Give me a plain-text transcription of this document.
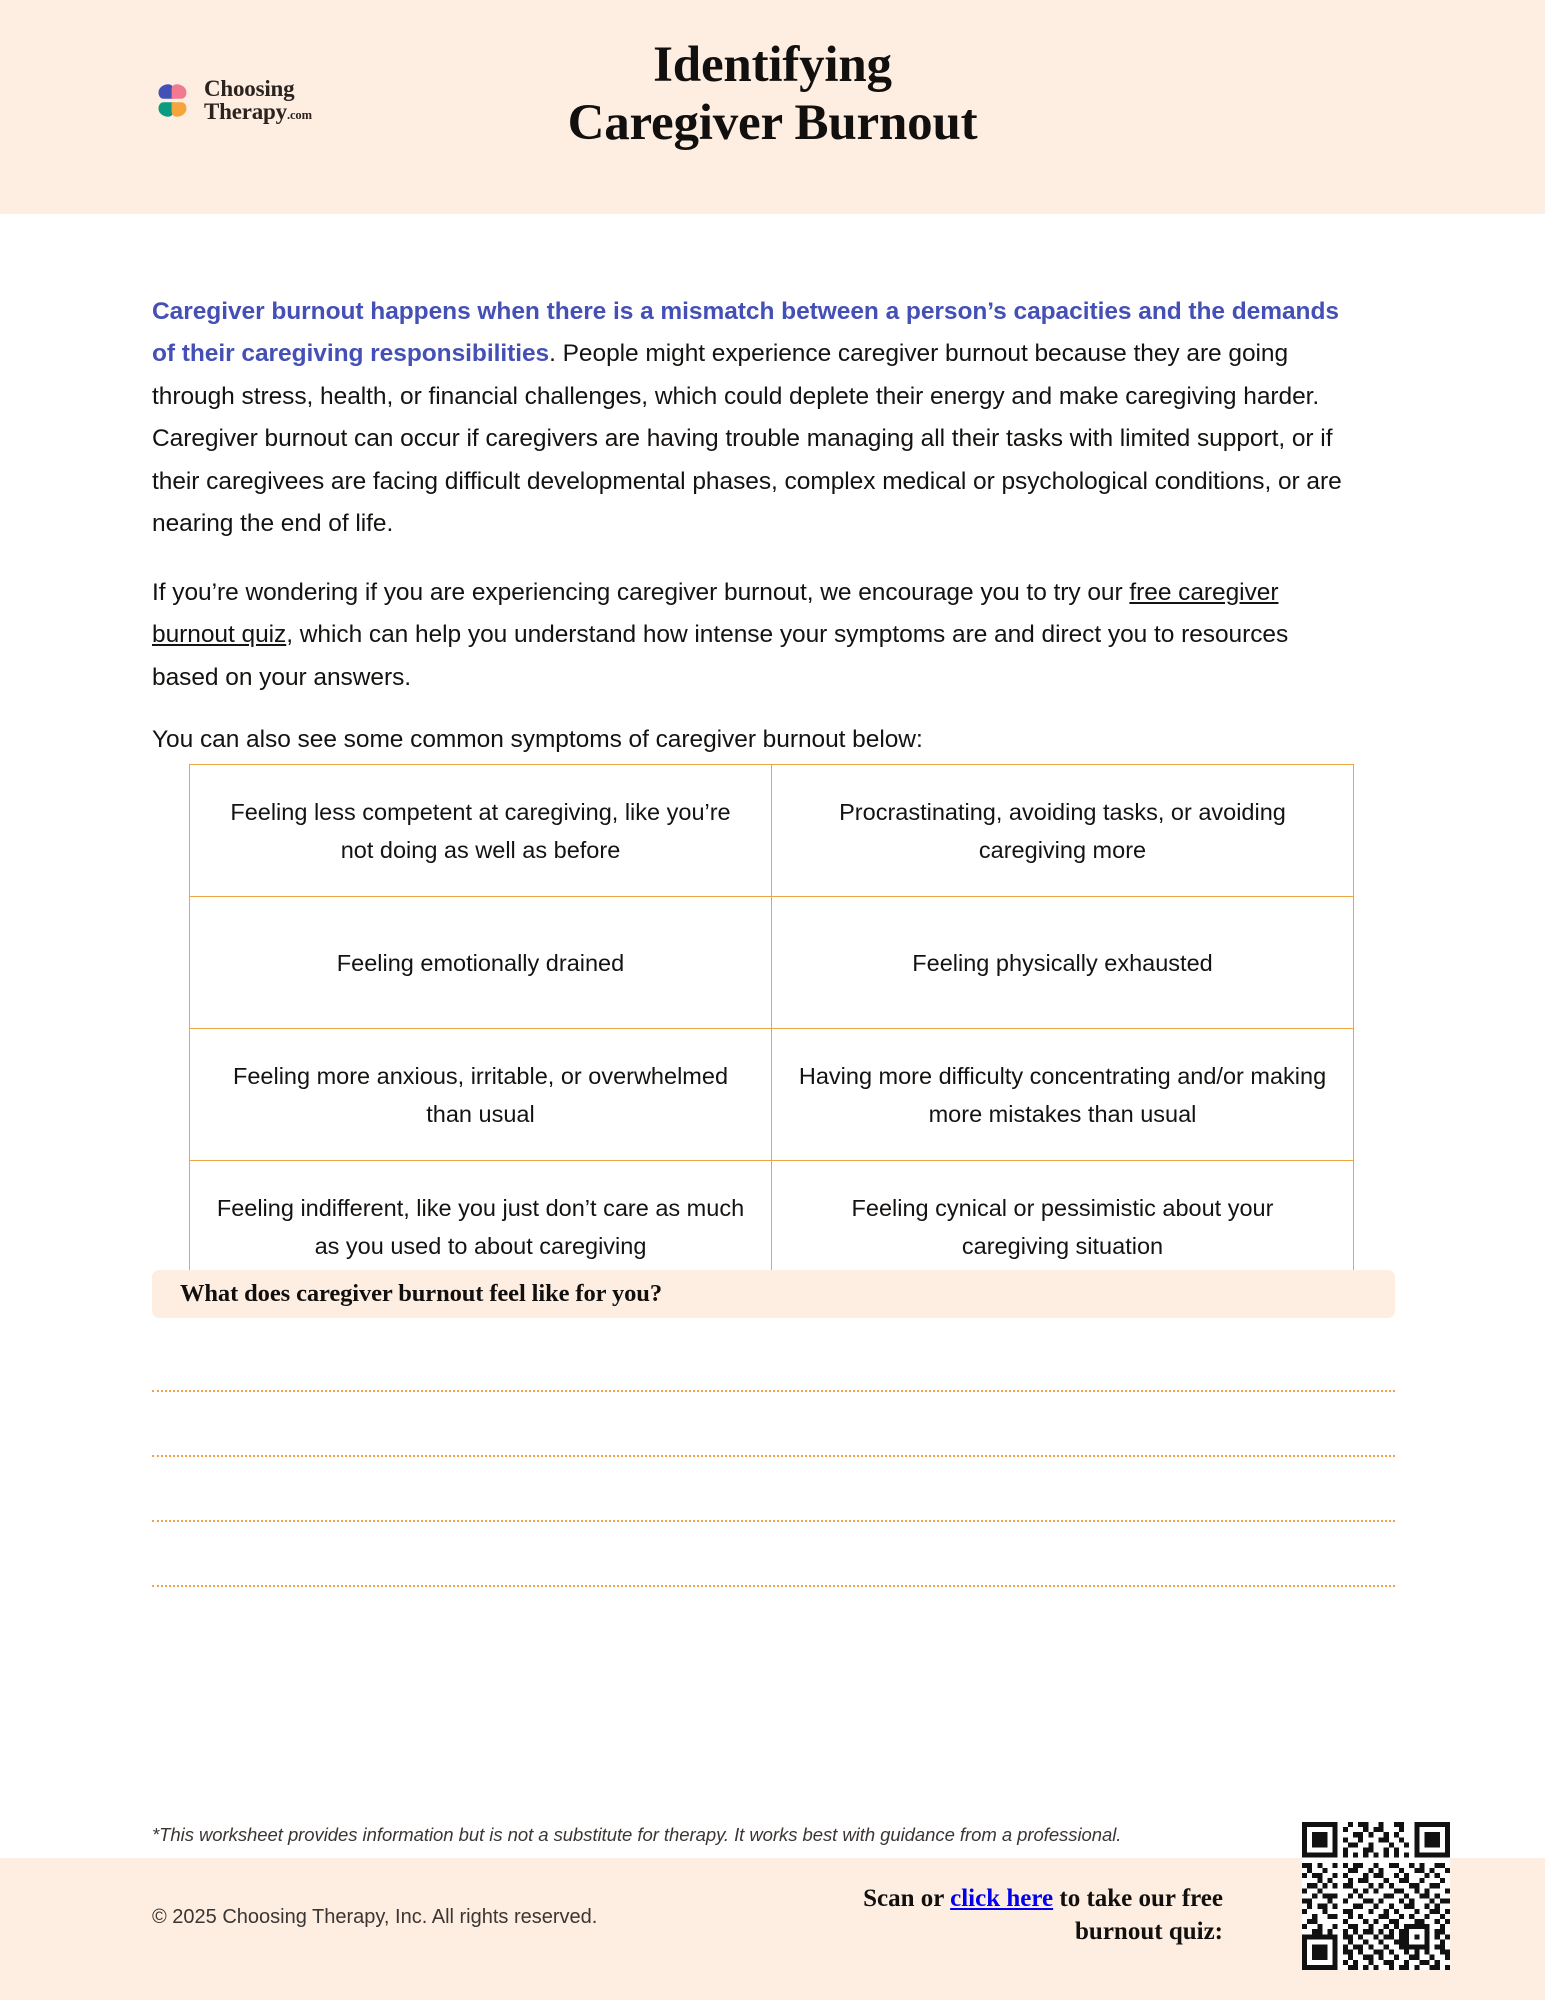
Choosing
Therapy .com
Identifying
Caregiver Burnout

Caregiver burnout happens when there is a mismatch between a person’s capacities and the demands of their caregiving responsibilities. People might experience caregiver burnout because they are going through stress, health, or financial challenges, which could deplete their energy and make caregiving harder. Caregiver burnout can occur if caregivers are having trouble managing all their tasks with limited support, or if their caregivees are facing difficult developmental phases, complex medical or psychological conditions, or are nearing the end of life.

If you’re wondering if you are experiencing caregiver burnout, we encourage you to try our free caregiver burnout quiz, which can help you understand how intense your symptoms are and direct you to resources based on your answers.

You can also see some common symptoms of caregiver burnout below:

Feeling less competent at caregiving, like you’re not doing as well as before	Procrastinating, avoiding tasks, or avoiding caregiving more
Feeling emotionally drained	Feeling physically exhausted
Feeling more anxious, irritable, or overwhelmed than usual	Having more difficulty concentrating and/or making more mistakes than usual
Feeling indifferent, like you just don’t care as much as you used to about caregiving	Feeling cynical or pessimistic about your caregiving situation
What does caregiver burnout feel like for you?
*This worksheet provides information but is not a substitute for therapy. It works best with guidance from a professional.
© 2025 Choosing Therapy, Inc. All rights reserved.
Scan or click here to take our free
burnout quiz:
